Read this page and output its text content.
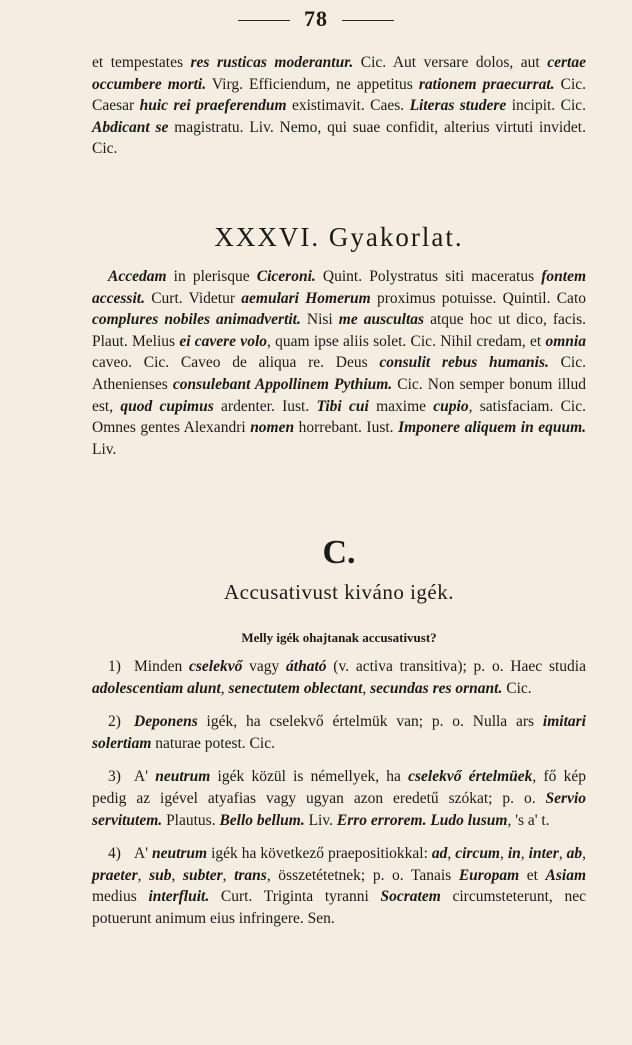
78

et tempestates res rusticas moderantur. Cic. Aut versare dolos, aut certae occumbere morti. Virg. Efficiendum, ne appetitus rationem praecurrat. Cic. Caesar huic rei praeferendum existimavit. Caes. Literas studere incipit. Cic. Abdicant se magistratu. Liv. Nemo, qui suae confidit, alterius virtuti invidet. Cic.

XXXVI. Gyakorlat.

Accedam in plerisque Ciceroni. Quint. Polystratus siti maceratus fontem accessit. Curt. Videtur aemulari Homerum proximus potuisse. Quintil. Cato complures nobiles animadvertit. Nisi me auscultas atque hoc ut dico, facis. Plaut. Melius ei cavere volo, quam ipse aliis solet. Cic. Nihil credam, et omnia caveo. Cic. Caveo de aliqua re. Deus consulit rebus humanis. Cic. Athenienses consulebant Appollinem Pythium. Cic. Non semper bonum illud est, quod cupimus ardenter. Iust. Tibi cui maxime cupio, satisfaciam. Cic. Omnes gentes Alexandri nomen horrebant. Iust. Imponere aliquem in equum. Liv.

C.
Accusativust kiváno igék.
Melly igék ohajtanak accusativust?

1) Minden cselekvő vagy átható (v. activa transitiva); p. o. Haec studia adolescentiam alunt, senectutem oblectant, secundas res ornant. Cic.

2) Deponens igék, ha cselekvő értelmük van; p. o. Nulla ars imitari solertiam naturae potest. Cic.

3) A' neutrum igék közül is némellyek, ha cselekvő értelmüek, fő kép pedig az igével atyafias vagy ugyan azon eredetű szókat; p. o. Servio servitutem. Plautus. Bello bellum. Liv. Erro errorem. Ludo lusum, 's a' t.

4) A' neutrum igék ha következő praepositiokkal: ad, circum, in, inter, ab, praeter, sub, subter, trans, összetétetnek; p. o. Tanais Europam et Asiam medius interfluit. Curt. Triginta tyranni Socratem circumsteterunt, nec potuerunt animum eius infringere. Sen.
